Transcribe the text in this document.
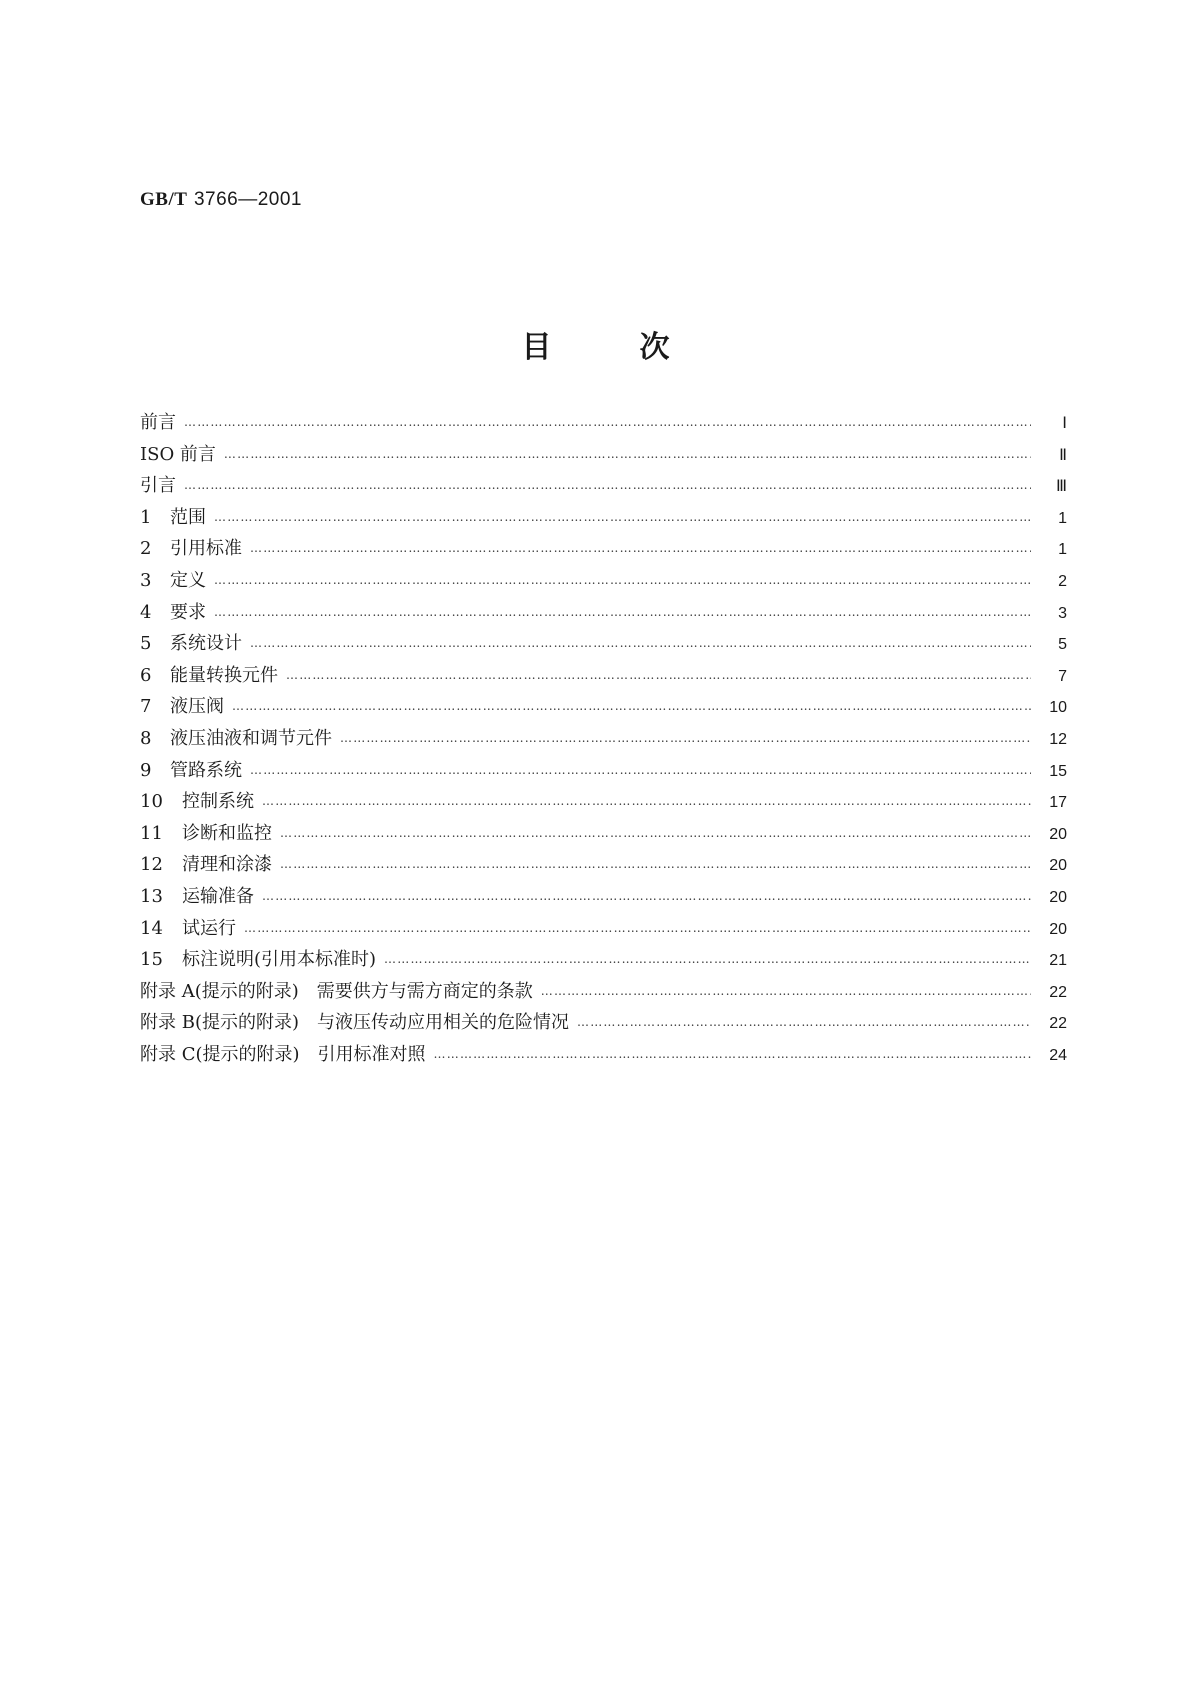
GB/T 3766—2001
目次
前言 …………………………………………………………………………………………………………………………………………………………………………………………………………………………………	Ⅰ
ISO 前言 …………………………………………………………………………………………………………………………………………………………………………………………………………………………………	Ⅱ
引言 …………………………………………………………………………………………………………………………………………………………………………………………………………………………………	Ⅲ
1 范围 …………………………………………………………………………………………………………………………………………………………………………………………………………………………………	1
2 引用标准 …………………………………………………………………………………………………………………………………………………………………………………………………………………………………	1
3 定义 …………………………………………………………………………………………………………………………………………………………………………………………………………………………………	2
4 要求 …………………………………………………………………………………………………………………………………………………………………………………………………………………………………	3
5 系统设计 …………………………………………………………………………………………………………………………………………………………………………………………………………………………………	5
6 能量转换元件 …………………………………………………………………………………………………………………………………………………………………………………………………………………………………	7
7 液压阀 …………………………………………………………………………………………………………………………………………………………………………………………………………………………………	10
8 液压油液和调节元件 …………………………………………………………………………………………………………………………………………………………………………………………………………………………………	12
9 管路系统 …………………………………………………………………………………………………………………………………………………………………………………………………………………………………	15
10 控制系统 …………………………………………………………………………………………………………………………………………………………………………………………………………………………………	17
11 诊断和监控 …………………………………………………………………………………………………………………………………………………………………………………………………………………………………	20
12 清理和涂漆 …………………………………………………………………………………………………………………………………………………………………………………………………………………………………	20
13 运输准备 …………………………………………………………………………………………………………………………………………………………………………………………………………………………………	20
14 试运行 …………………………………………………………………………………………………………………………………………………………………………………………………………………………………	20
15 标注说明(引用本标准时) …………………………………………………………………………………………………………………………………………………………………………………………………………………………………	21
附录 A(提示的附录)　需要供方与需方商定的条款 …………………………………………………………………………………………………………………………………………………………………………………………………………………………………	22
附录 B(提示的附录)　与液压传动应用相关的危险情况 …………………………………………………………………………………………………………………………………………………………………………………………………………………………………	22
附录 C(提示的附录)　引用标准对照 …………………………………………………………………………………………………………………………………………………………………………………………………………………………………	24
